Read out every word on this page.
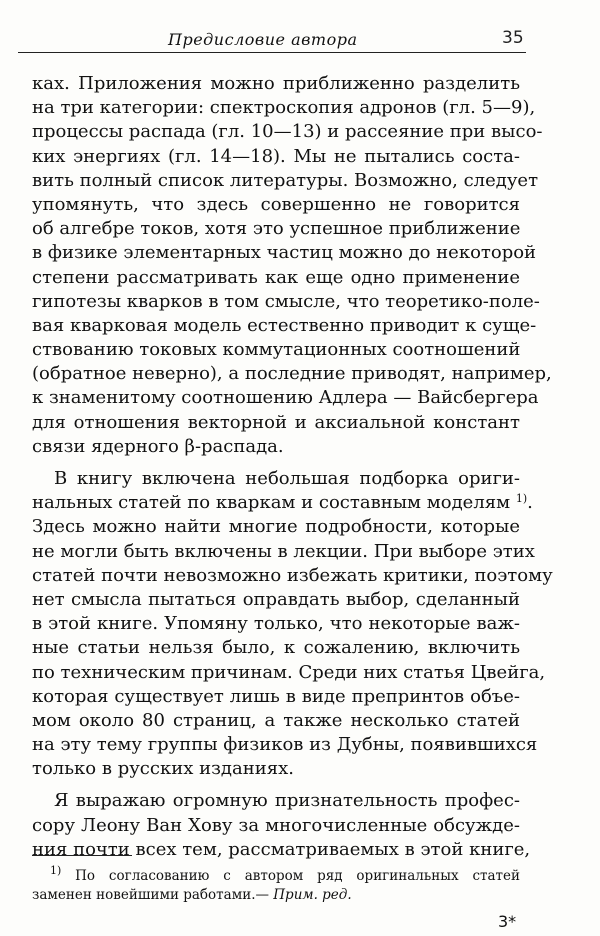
Предисловие автора	35
ках. Приложения можно приближенно разделить
на три категории: спектроскопия адронов (гл. 5—9),
процессы распада (гл. 10—13) и рассеяние при высо-
ких энергиях (гл. 14—18). Мы не пытались соста-
вить полный список литературы. Возможно, следует
упомянуть, что здесь совершенно не говорится
об алгебре токов, хотя это успешное приближение
в физике элементарных частиц можно до некоторой
степени рассматривать как еще одно применение
гипотезы кварков в том смысле, что теоретико-поле-
вая кварковая модель естественно приводит к суще-
ствованию токовых коммутационных соотношений
(обратное неверно), а последние приводят, например,
к знаменитому соотношению Адлера — Вайсбергера
для отношения векторной и аксиальной констант
связи ядерного β-распада.
В книгу включена небольшая подборка ориги-
нальных статей по кваркам и составным моделям $^{1)}$.
Здесь можно найти многие подробности, которые
не могли быть включены в лекции. При выборе этих
статей почти невозможно избежать критики, поэтому
нет смысла пытаться оправдать выбор, сделанный
в этой книге. Упомяну только, что некоторые важ-
ные статьи нельзя было, к сожалению, включить
по техническим причинам. Среди них статья Цвейга,
которая существует лишь в виде препринтов объе-
мом около 80 страниц, а также несколько статей
на эту тему группы физиков из Дубны, появившихся
только в русских изданиях.
Я выражаю огромную признательность профес-
сору Леону Ван Хову за многочисленные обсужде-
ния почти всех тем, рассматриваемых в этой книге,
$^{1)}$ По согласованию с автором ряд оригинальных статей
заменен новейшими работами.— Прим. ред.
3*
